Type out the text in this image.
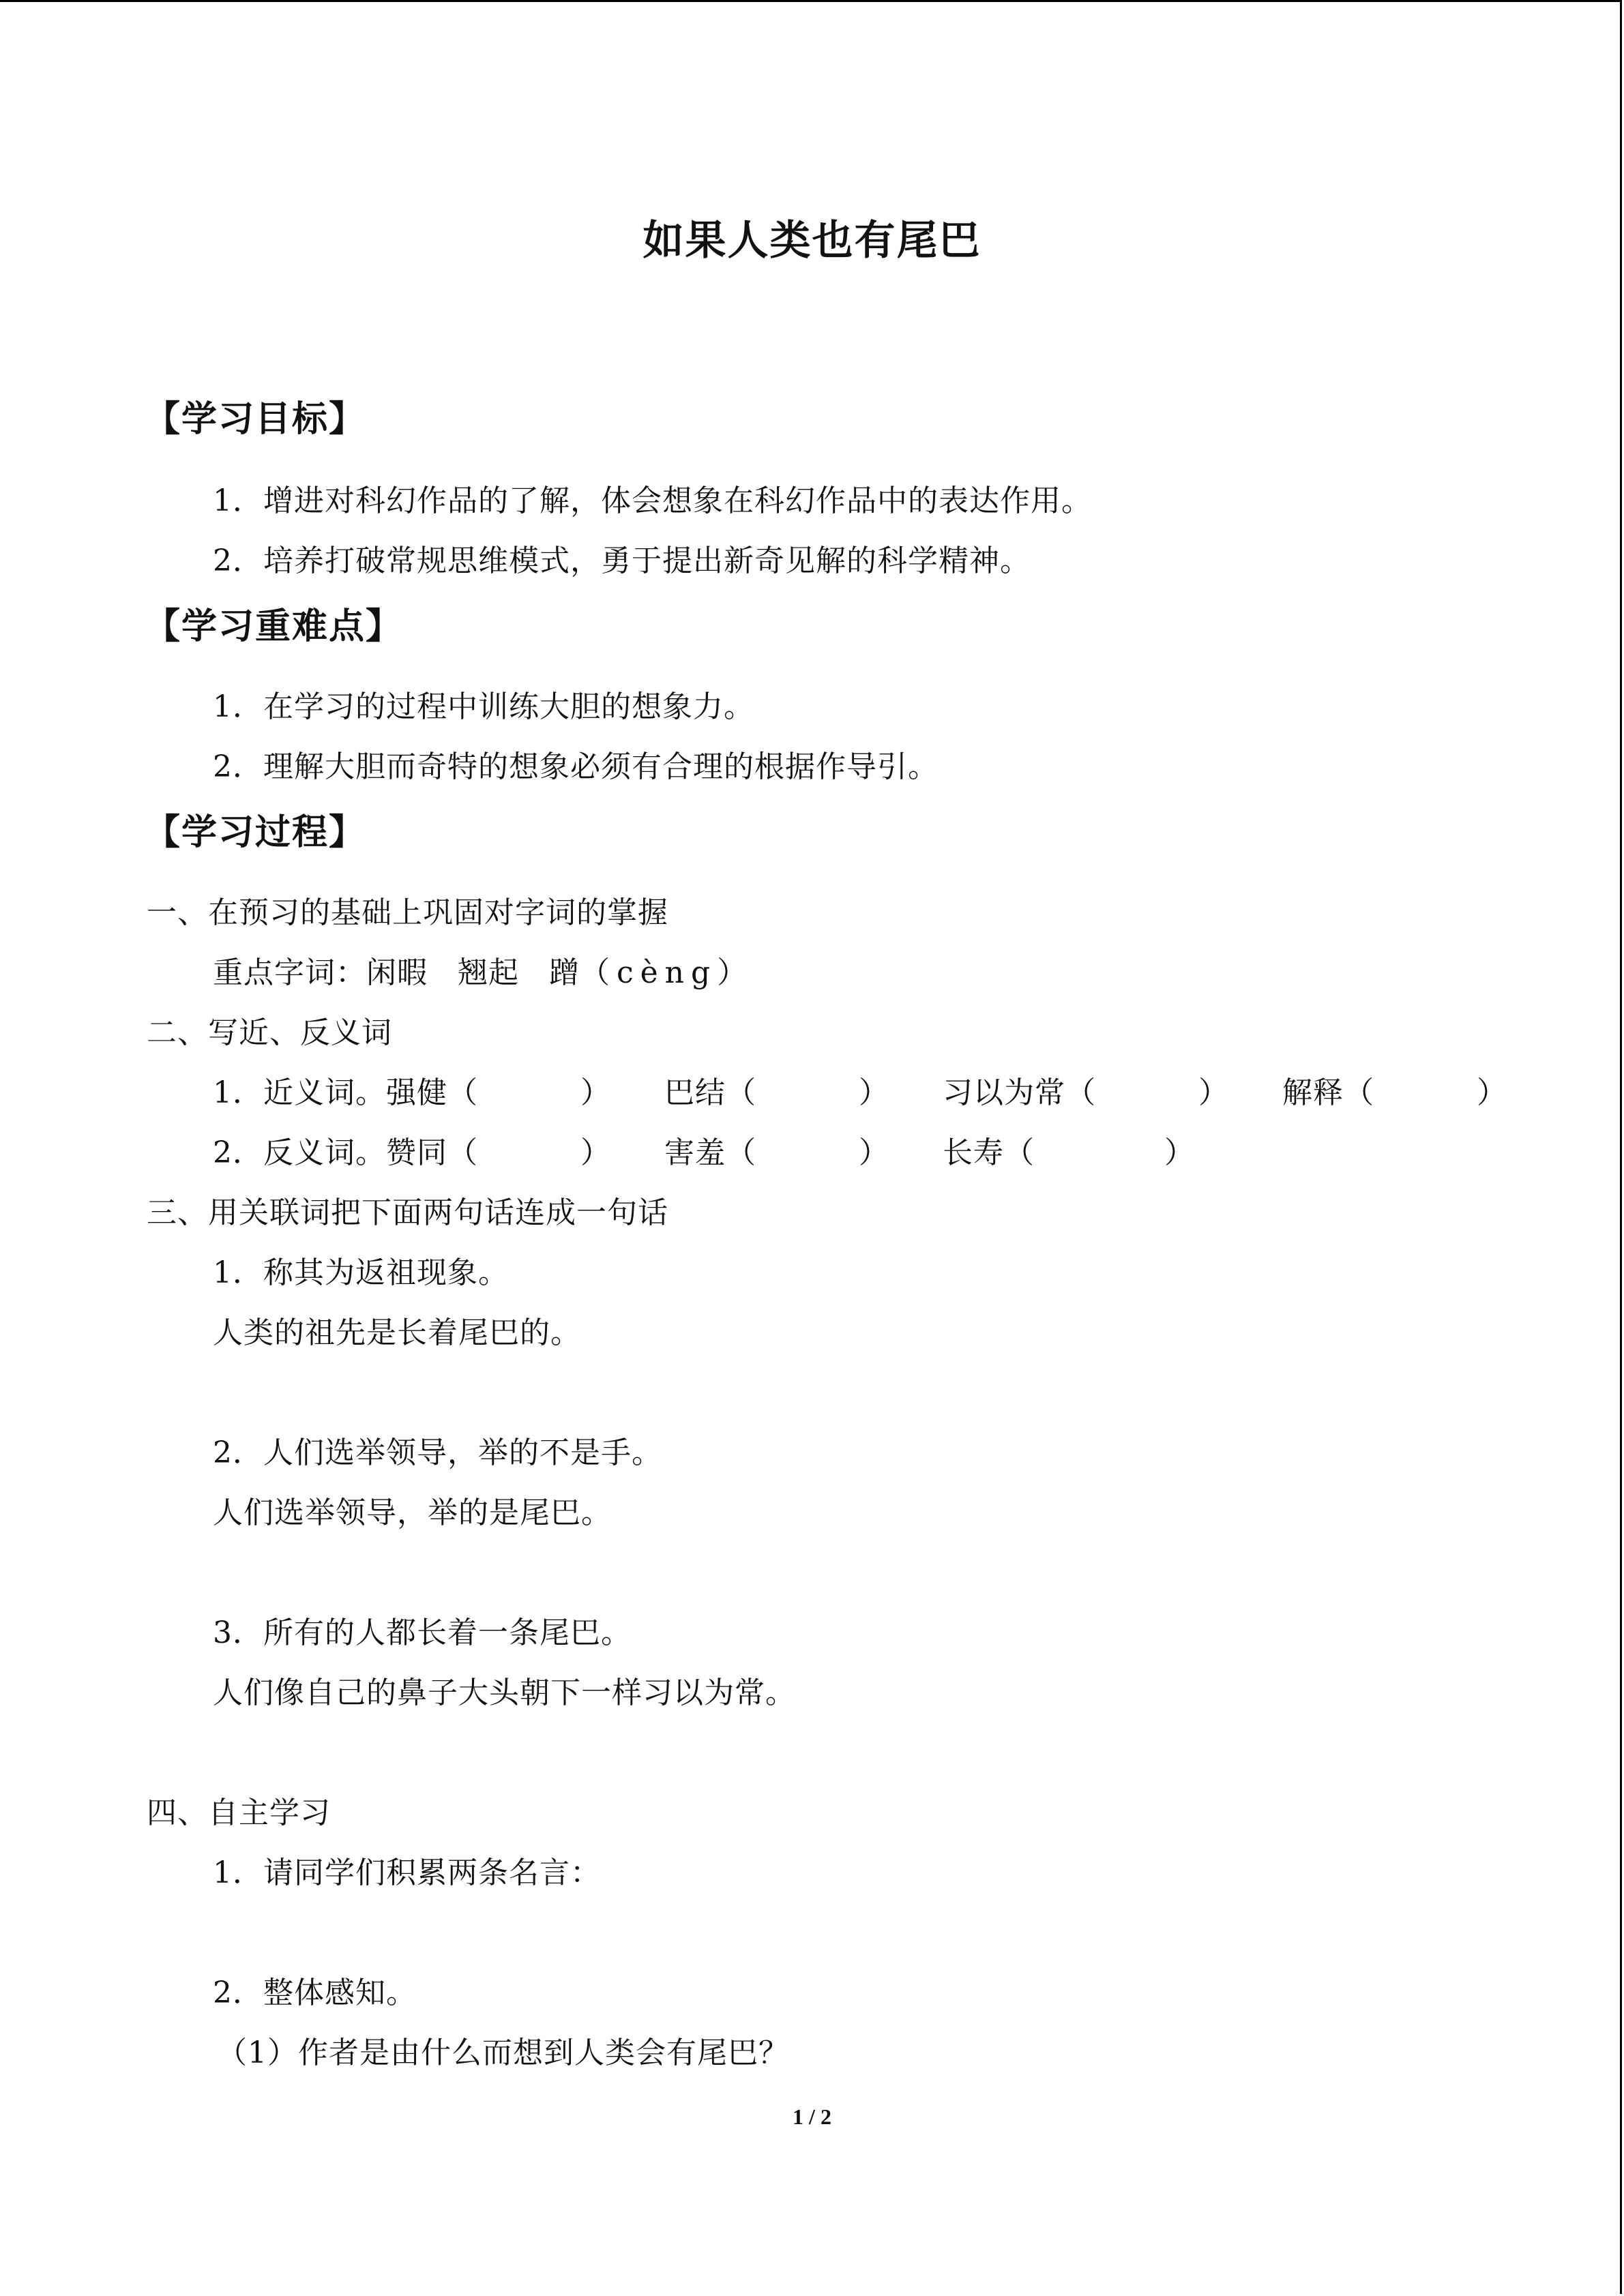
如果人类也有尾巴
【学习目标】
1．增进对科幻作品的了解，体会想象在科幻作品中的表达作用。
2．培养打破常规思维模式，勇于提出新奇见解的科学精神。
【学习重难点】
1．在学习的过程中训练大胆的想象力。
2．理解大胆而奇特的想象必须有合理的根据作导引。
【学习过程】
一、在预习的基础上巩固对字词的掌握
重点字词：闲暇 翘起 蹭（cèng）
二、写近、反义词
1．近义词。强健（	） 巴结（	） 习以为常（	） 解释（	）
2．反义词。赞同（	） 害羞（	） 长寿（	）
三、用关联词把下面两句话连成一句话
1．称其为返祖现象。
人类的祖先是长着尾巴的。
2．人们选举领导，举的不是手。
人们选举领导，举的是尾巴。
3．所有的人都长着一条尾巴。
人们像自己的鼻子大头朝下一样习以为常。
四、自主学习
1．请同学们积累两条名言：
2．整体感知。
（1）作者是由什么而想到人类会有尾巴？
1 / 2
